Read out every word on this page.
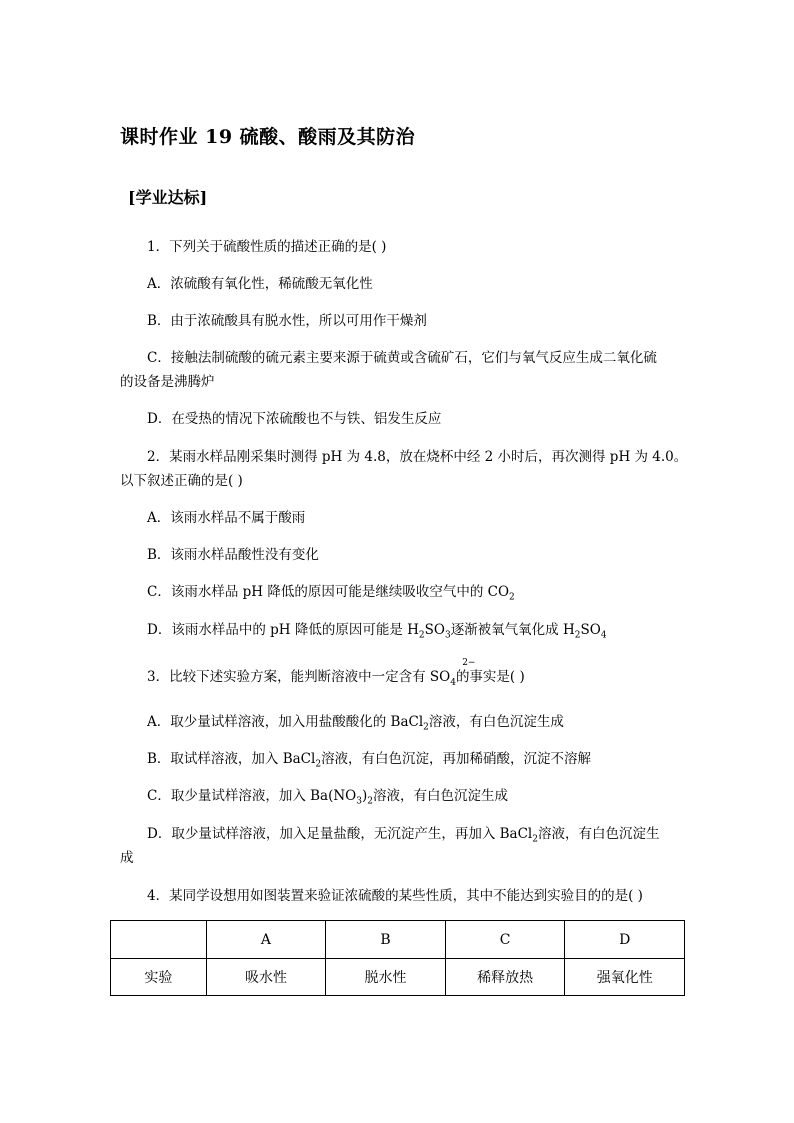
课时作业 19 硫酸、酸雨及其防治
[学业达标]
1．下列关于硫酸性质的描述正确的是( )
A．浓硫酸有氧化性，稀硫酸无氧化性
B．由于浓硫酸具有脱水性，所以可用作干燥剂
C．接触法制硫酸的硫元素主要来源于硫黄或含硫矿石，它们与氧气反应生成二氧化硫
的设备是沸腾炉
D．在受热的情况下浓硫酸也不与铁、铝发生反应
2．某雨水样品刚采集时测得 pH 为 4.8，放在烧杯中经 2 小时后，再次测得 pH 为 4.0。
以下叙述正确的是( )
A．该雨水样品不属于酸雨
B．该雨水样品酸性没有变化
C．该雨水样品 pH 降低的原因可能是继续吸收空气中的 $CO_2$
D．该雨水样品中的 pH 降低的原因可能是 $H_2SO_3$逐渐被氧气氧化成 $H_2SO_4$
3．比较下述实验方案，能判断溶液中一定含有 SO
2−
$_4$的事实是( )
A．取少量试样溶液，加入用盐酸酸化的 BaCl$_2$溶液，有白色沉淀生成
B．取试样溶液，加入 BaCl$_2$溶液，有白色沉淀，再加稀硝酸，沉淀不溶解
C．取少量试样溶液，加入 $Ba(NO_3)_2$溶液，有白色沉淀生成
D．取少量试样溶液，加入足量盐酸，无沉淀产生，再加入 BaCl$_2$溶液，有白色沉淀生
成
4．某同学设想用如图装置来验证浓硫酸的某些性质，其中不能达到实验目的的是( )
	A	B	C	D
实验	吸水性	脱水性	稀释放热	强氧化性
